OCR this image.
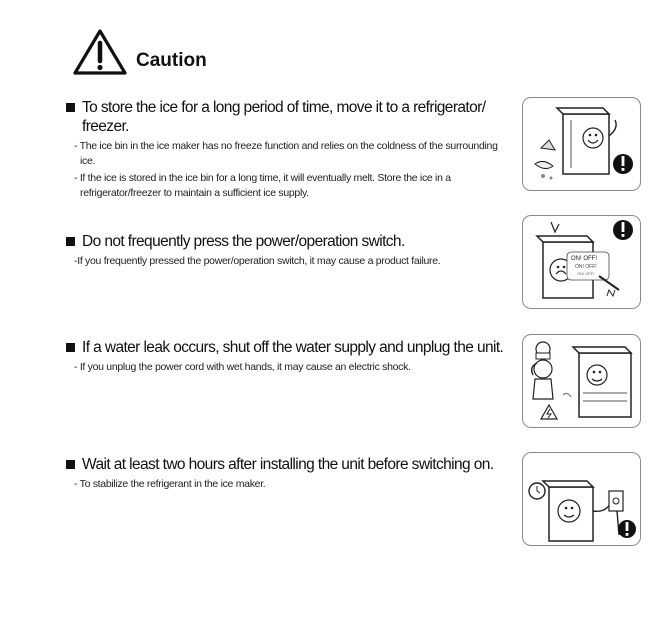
Caution
To store the ice for a long period of time, move it to a refrigerator/ freezer.
- The ice bin in the ice maker has no freeze function and relies on the coldness of the surrounding ice.
- If the ice is stored in the ice bin for a long time, it will eventually melt. Store the ice in a refrigerator/freezer to maintain a sufficient ice supply.
Do not frequently press the power/operation switch.
-If you frequently pressed the power/operation switch, it may cause a product failure.	ON! OFF!
ON! OFF!
ON! OFF!
If a water leak occurs, shut off the water supply and unplug the unit.
- If you unplug the power cord with wet hands, it may cause an electric shock.
Wait at least two hours after installing the unit before switching on.
- To stabilize the refrigerant in the ice maker.
